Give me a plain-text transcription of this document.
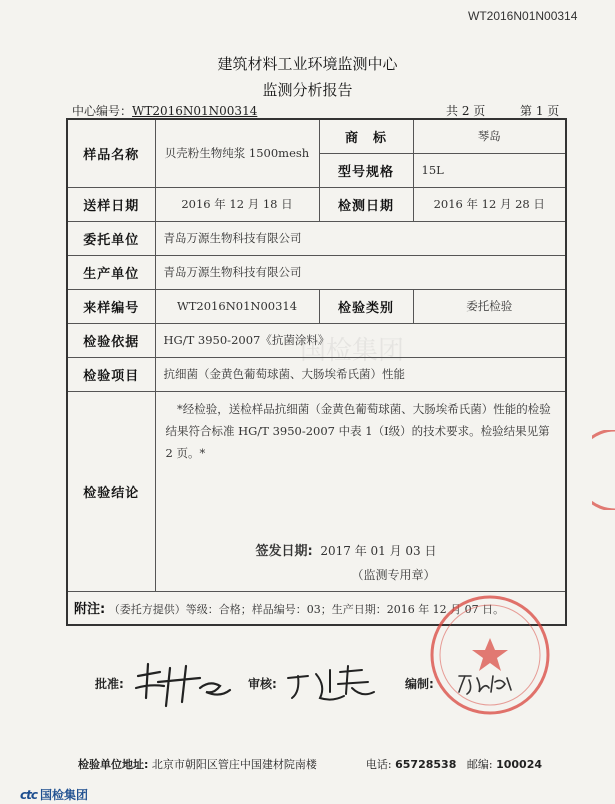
WT2016N01N00314
建筑材料工业环境监测中心
监测分析报告
中心编号：WT2016N01N00314	共 2 页	第 1 页
国检集团
样品名称	贝壳粉生物纯浆 1500mesh	商　标	琴岛
		型号规格	15L
送样日期	2016 年 12 月 18 日	检测日期	2016 年 12 月 28 日
委托单位	青岛万源生物科技有限公司		
生产单位	青岛万源生物科技有限公司		
来样编号	WT2016N01N00314	检验类别	委托检验
检验依据	HG/T 3950-2007《抗菌涂料》		
检验项目	抗细菌（金黄色葡萄球菌、大肠埃希氏菌）性能		
检验结论	*经检验，送检样品抗细菌（金黄色葡萄球菌、大肠埃希氏菌）性能的检验结果符合标准 HG/T 3950-2007 中表 1（Ⅰ级）的技术要求。检验结果见第 2 页。*
签发日期: 2017 年 01 月 03 日
（监测专用章）		

附注: （委托方提供）等级：合格；样品编号：03；生产日期：2016 年 12 月 07 日。			
批准:	审核:	编制:
检验单位地址: 北京市朝阳区管庄中国建材院南楼	电话: 65728538 邮编: 100024
ctc 国检集团
